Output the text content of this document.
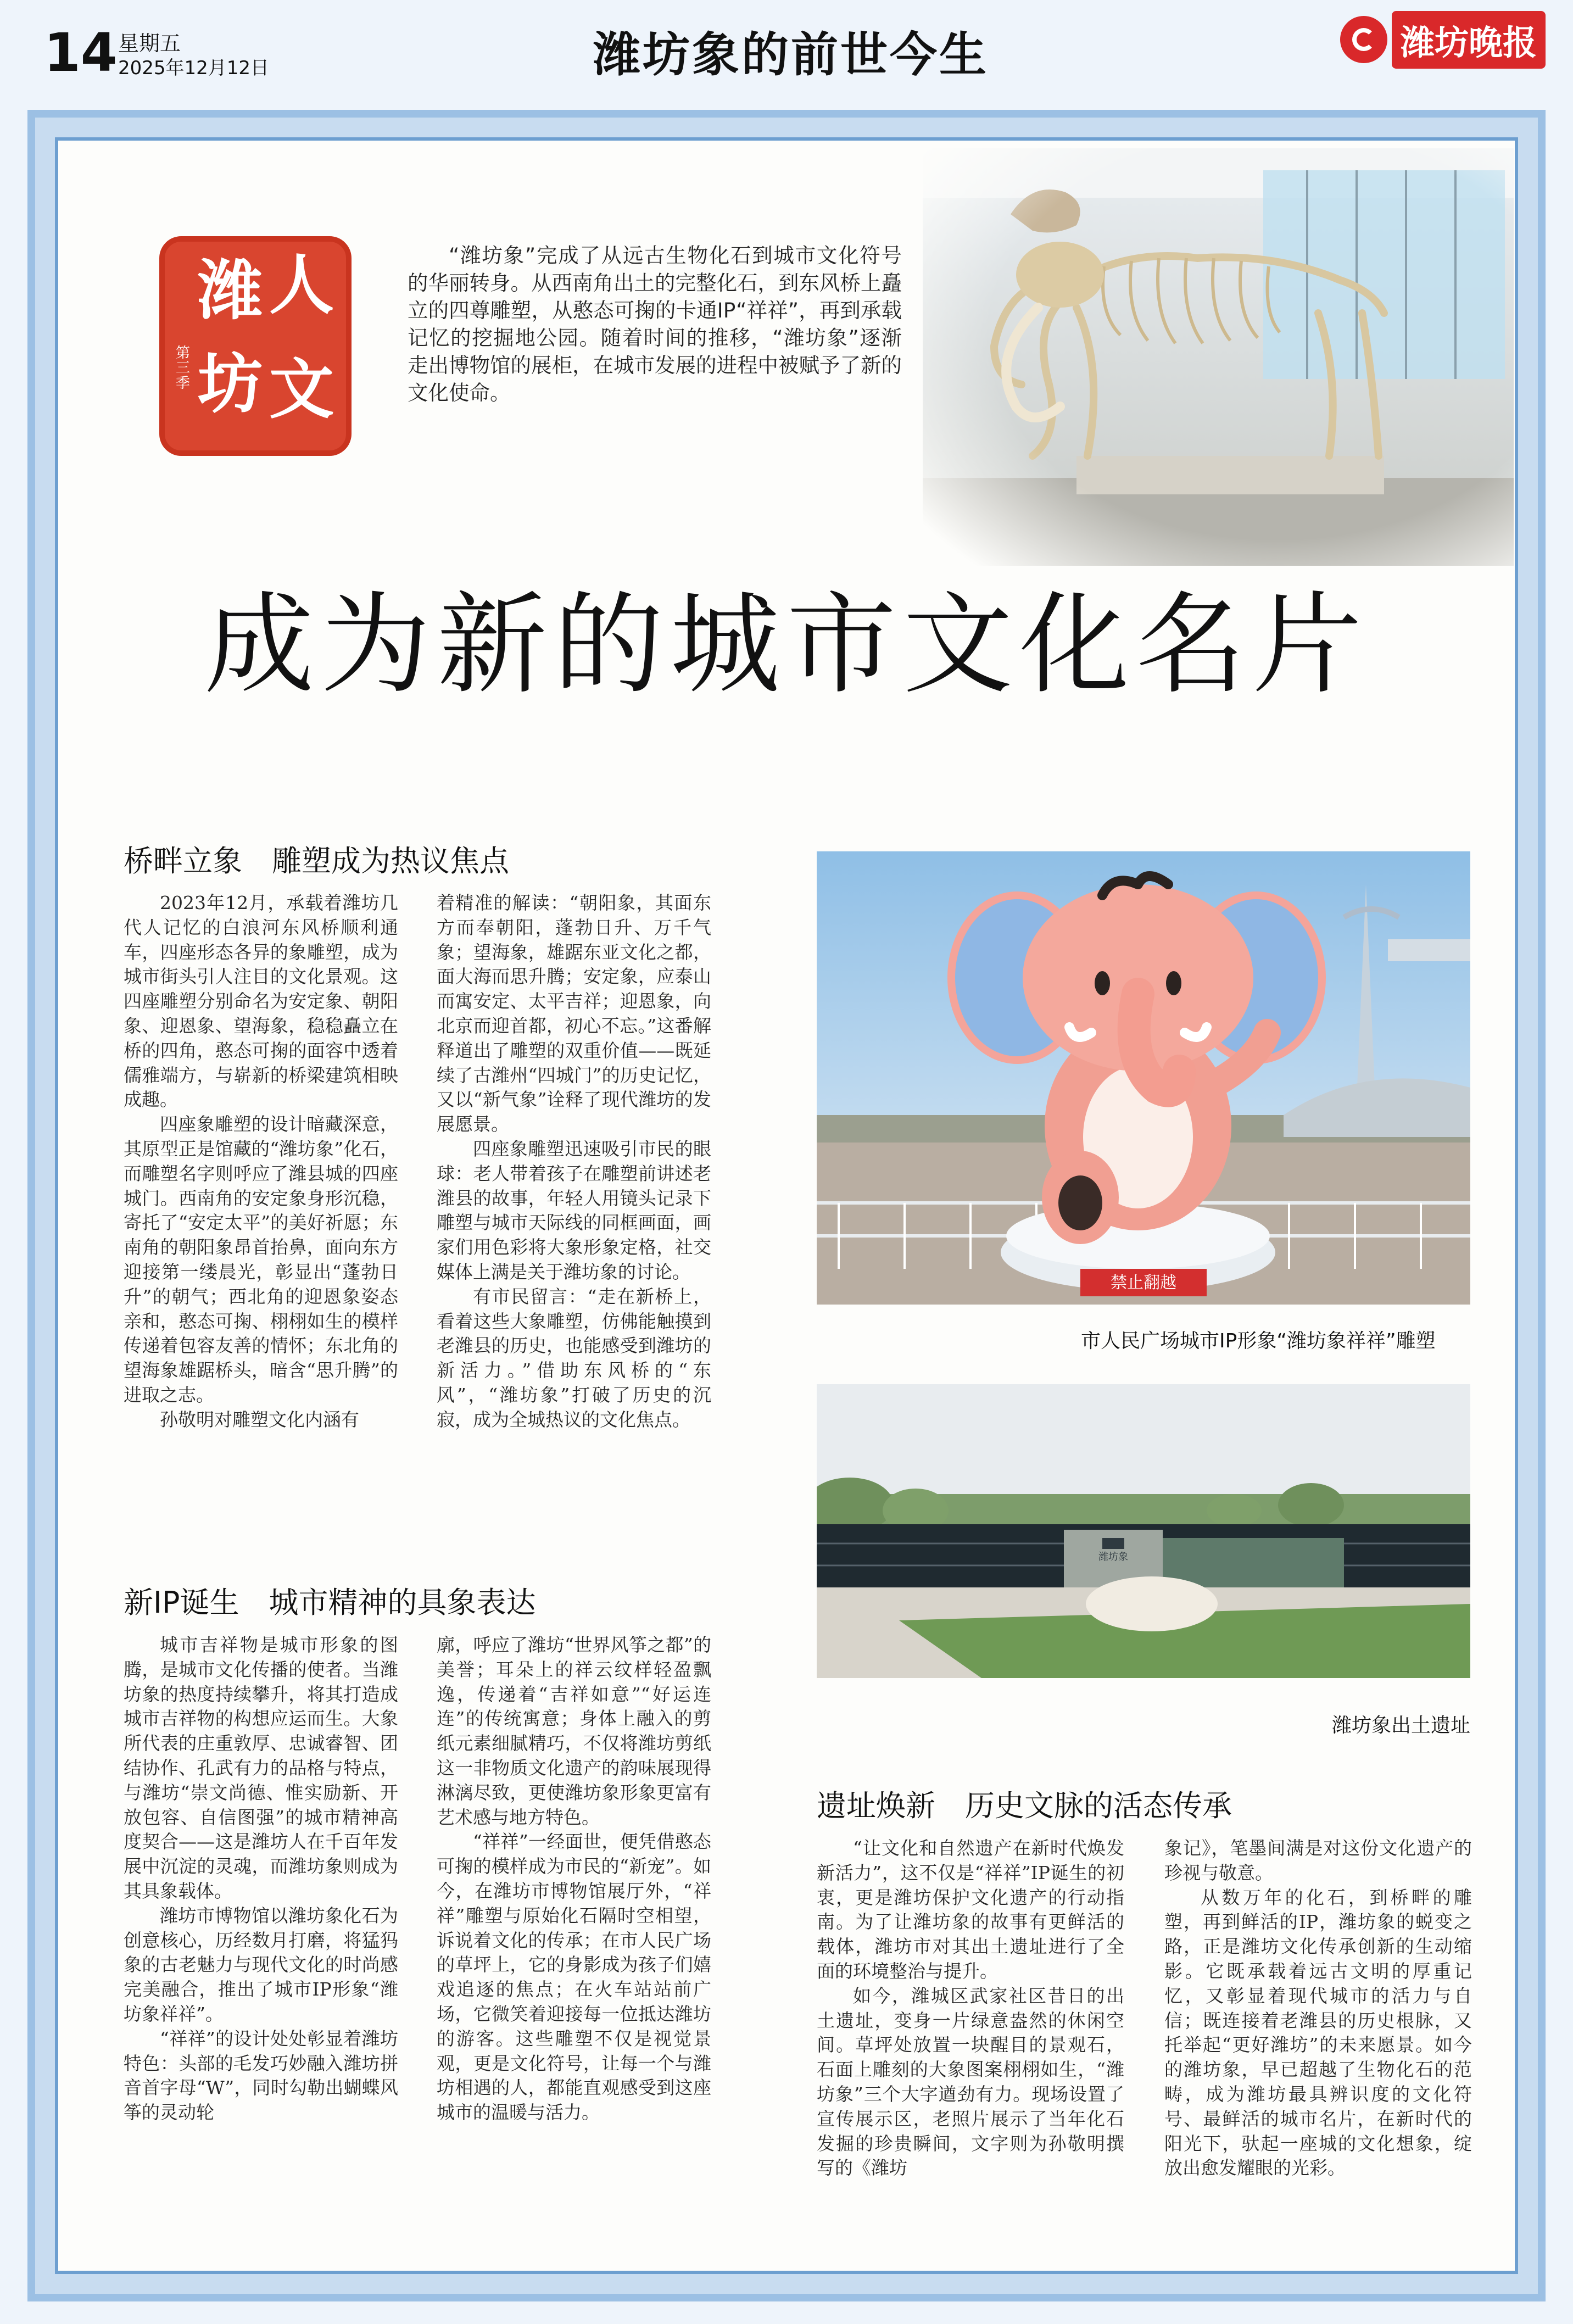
14 星期五
2025年12月12日	潍坊象的前世今生	潍坊晚报
潍
坊
人
文
第三季

“潍坊象”完成了从远古生物化石到城市文化符号的华丽转身。从西南角出土的完整化石，到东风桥上矗立的四尊雕塑，从憨态可掬的卡通IP“祥祥”，再到承载记忆的挖掘地公园。随着时间的推移，“潍坊象”逐渐走出博物馆的展柜，在城市发展的进程中被赋予了新的文化使命。

成为新的城市文化名片
桥畔立象　雕塑成为热议焦点

2023年12月，承载着潍坊几代人记忆的白浪河东风桥顺利通车，四座形态各异的象雕塑，成为城市街头引人注目的文化景观。这四座雕塑分别命名为安定象、朝阳象、迎恩象、望海象，稳稳矗立在桥的四角，憨态可掬的面容中透着儒雅端方，与崭新的桥梁建筑相映成趣。

四座象雕塑的设计暗藏深意，其原型正是馆藏的“潍坊象”化石，而雕塑名字则呼应了潍县城的四座城门。西南角的安定象身形沉稳，寄托了“安定太平”的美好祈愿；东南角的朝阳象昂首抬鼻，面向东方迎接第一缕晨光，彰显出“蓬勃日升”的朝气；西北角的迎恩象姿态亲和，憨态可掬、栩栩如生的模样传递着包容友善的情怀；东北角的望海象雄踞桥头，暗含“思升腾”的进取之志。

孙敬明对雕塑文化内涵有

着精准的解读：“朝阳象，其面东方而奉朝阳，蓬勃日升、万千气象；望海象，雄踞东亚文化之都，面大海而思升腾；安定象，应泰山而寓安定、太平吉祥；迎恩象，向北京而迎首都，初心不忘。”这番解释道出了雕塑的双重价值——既延续了古潍州“四城门”的历史记忆，又以“新气象”诠释了现代潍坊的发展愿景。

四座象雕塑迅速吸引市民的眼球：老人带着孩子在雕塑前讲述老潍县的故事，年轻人用镜头记录下雕塑与城市天际线的同框画面，画家们用色彩将大象形象定格，社交媒体上满是关于潍坊象的讨论。

有市民留言：“走在新桥上，看着这些大象雕塑，仿佛能触摸到老潍县的历史，也能感受到潍坊的新活力。”借助东风桥的“东风”，“潍坊象”打破了历史的沉寂，成为全城热议的文化焦点。

禁止翻越
市人民广场城市IP形象“潍坊象祥祥”雕塑
新IP诞生　城市精神的具象表达

城市吉祥物是城市形象的图腾，是城市文化传播的使者。当潍坊象的热度持续攀升，将其打造成城市吉祥物的构想应运而生。大象所代表的庄重敦厚、忠诚睿智、团结协作、孔武有力的品格与特点，与潍坊“崇文尚德、惟实励新、开放包容、自信图强”的城市精神高度契合——这是潍坊人在千百年发展中沉淀的灵魂，而潍坊象则成为其具象载体。

潍坊市博物馆以潍坊象化石为创意核心，历经数月打磨，将猛犸象的古老魅力与现代文化的时尚感完美融合，推出了城市IP形象“潍坊象祥祥”。

“祥祥”的设计处处彰显着潍坊特色：头部的毛发巧妙融入潍坊拼音首字母“W”，同时勾勒出蝴蝶风筝的灵动轮

廓，呼应了潍坊“世界风筝之都”的美誉；耳朵上的祥云纹样轻盈飘逸，传递着“吉祥如意”“好运连连”的传统寓意；身体上融入的剪纸元素细腻精巧，不仅将潍坊剪纸这一非物质文化遗产的韵味展现得淋漓尽致，更使潍坊象形象更富有艺术感与地方特色。

“祥祥”一经面世，便凭借憨态可掬的模样成为市民的“新宠”。如今，在潍坊市博物馆展厅外，“祥祥”雕塑与原始化石隔时空相望，诉说着文化的传承；在市人民广场的草坪上，它的身影成为孩子们嬉戏追逐的焦点；在火车站站前广场，它微笑着迎接每一位抵达潍坊的游客。这些雕塑不仅是视觉景观，更是文化符号，让每一个与潍坊相遇的人，都能直观感受到这座城市的温暖与活力。

潍坊象
潍坊象出土遗址
遗址焕新　历史文脉的活态传承

“让文化和自然遗产在新时代焕发新活力”，这不仅是“祥祥”IP诞生的初衷，更是潍坊保护文化遗产的行动指南。为了让潍坊象的故事有更鲜活的载体，潍坊市对其出土遗址进行了全面的环境整治与提升。

如今，潍城区武家社区昔日的出土遗址，变身一片绿意盎然的休闲空间。草坪处放置一块醒目的景观石，石面上雕刻的大象图案栩栩如生，“潍坊象”三个大字遒劲有力。现场设置了宣传展示区，老照片展示了当年化石发掘的珍贵瞬间，文字则为孙敬明撰写的《潍坊

象记》，笔墨间满是对这份文化遗产的珍视与敬意。

从数万年的化石，到桥畔的雕塑，再到鲜活的IP，潍坊象的蜕变之路，正是潍坊文化传承创新的生动缩影。它既承载着远古文明的厚重记忆，又彰显着现代城市的活力与自信；既连接着老潍县的历史根脉，又托举起“更好潍坊”的未来愿景。如今的潍坊象，早已超越了生物化石的范畴，成为潍坊最具辨识度的文化符号、最鲜活的城市名片，在新时代的阳光下，驮起一座城的文化想象，绽放出愈发耀眼的光彩。
